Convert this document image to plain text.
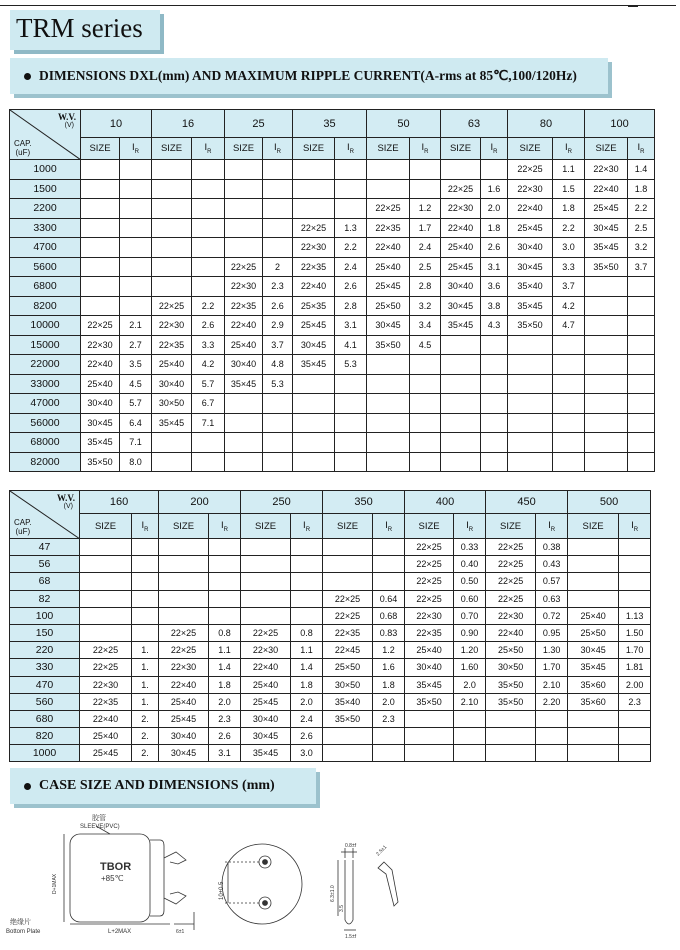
TRM series
DIMENSIONS DXL(mm) AND MAXIMUM RIPPLE CURRENT(A-rms at 85℃,100/120Hz)
W.V.
(V)
CAP.
(uF)	10		16		25		35		50		63		80		100	
	SIZE	$I_R$	SIZE	$I_R$	SIZE	$I_R$	SIZE	$I_R$	SIZE	$I_R$	SIZE	$I_R$	SIZE	$I_R$	SIZE	$I_R$
1000													22×25	1.1	22×30	1.4
1500											22×25	1.6	22×30	1.5	22×40	1.8
2200									22×25	1.2	22×30	2.0	22×40	1.8	25×45	2.2
3300							22×25	1.3	22×35	1.7	22×40	1.8	25×45	2.2	30×45	2.5
4700							22×30	2.2	22×40	2.4	25×40	2.6	30×40	3.0	35×45	3.2
5600					22×25	2	22×35	2.4	25×40	2.5	25×45	3.1	30×45	3.3	35×50	3.7
6800					22×30	2.3	22×40	2.6	25×45	2.8	30×40	3.6	35×40	3.7		
8200			22×25	2.2	22×35	2.6	25×35	2.8	25×50	3.2	30×45	3.8	35×45	4.2		
10000	22×25	2.1	22×30	2.6	22×40	2.9	25×45	3.1	30×45	3.4	35×45	4.3	35×50	4.7		
15000	22×30	2.7	22×35	3.3	25×40	3.7	30×45	4.1	35×50	4.5						
22000	22×40	3.5	25×40	4.2	30×40	4.8	35×45	5.3								
33000	25×40	4.5	30×40	5.7	35×45	5.3										
47000	30×40	5.7	30×50	6.7												
56000	30×45	6.4	35×45	7.1												
68000	35×45	7.1														
82000	35×50	8.0														
W.V.
(V)
CAP.
(uF)	160		200		250		350		400		450		500	
	SIZE	$I_R$	SIZE	$I_R$	SIZE	$I_R$	SIZE	$I_R$	SIZE	$I_R$	SIZE	$I_R$	SIZE	$I_R$
47									22×25	0.33	22×25	0.38		
56									22×25	0.40	22×25	0.43		
68									22×25	0.50	22×25	0.57		
82							22×25	0.64	22×25	0.60	22×25	0.63		
100							22×25	0.68	22×30	0.70	22×30	0.72	25×40	1.13
150			22×25	0.8	22×25	0.8	22×35	0.83	22×35	0.90	22×40	0.95	25×50	1.50
220	22×25	1.	22×25	1.1	22×30	1.1	22×45	1.2	25×40	1.20	25×50	1.30	30×45	1.70
330	22×25	1.	22×30	1.4	22×40	1.4	25×50	1.6	30×40	1.60	30×50	1.70	35×45	1.81
470	22×30	1.	22×40	1.8	25×40	1.8	30×50	1.8	35×45	2.0	35×50	2.10	35×60	2.00
560	22×35	1.	25×40	2.0	25×45	2.0	35×40	2.0	35×50	2.10	35×50	2.20	35×60	2.3
680	22×40	2.	25×45	2.3	30×40	2.4	35×50	2.3						
820	25×40	2.	30×40	2.6	30×45	2.6								
1000	25×45	2.	30×45	3.1	35×45	3.0								
CASE SIZE AND DIMENSIONS (mm)
胶管
SLEEVE(PVC)
TBOR
+85℃
D+1MAX
L+2MAX	6±1
绝缘片
Bottom Plate
10±0.5
0.8±f
6.3±1.0
3.5
1.5±f
2.5±1
